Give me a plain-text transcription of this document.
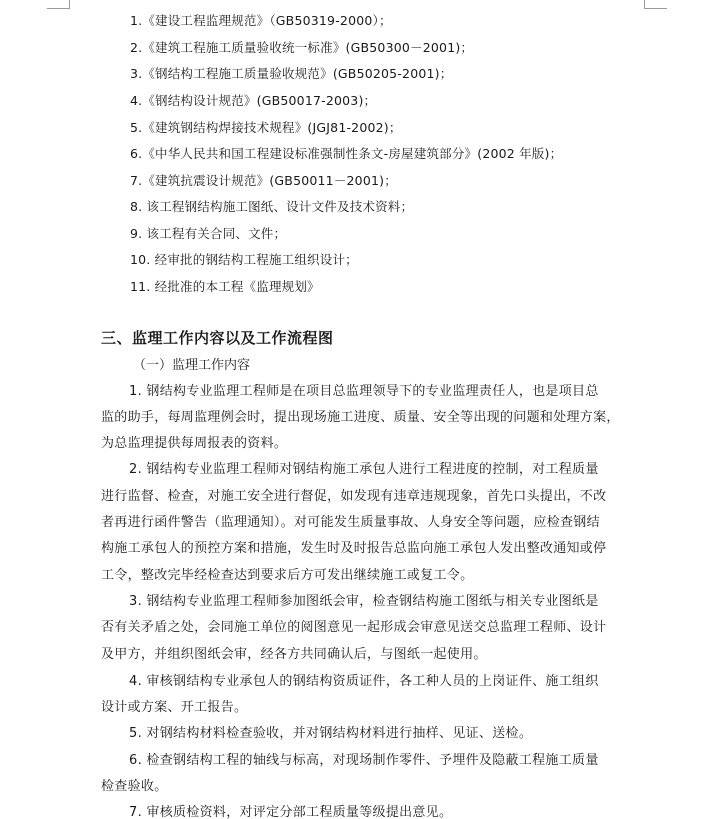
1.《建设工程监理规范》（GB50319-2000）；
2.《建筑工程施工质量验收统一标准》(GB50300－2001)；
3.《钢结构工程施工质量验收规范》(GB50205-2001)；
4.《钢结构设计规范》(GB50017-2003)；
5.《建筑钢结构焊接技术规程》(JGJ81-2002)；
6.《中华人民共和国工程建设标准强制性条文-房屋建筑部分》(2002 年版)；
7.《建筑抗震设计规范》(GB50011－2001)；
8. 该工程钢结构施工图纸、设计文件及技术资料；
9. 该工程有关合同、文件；
10. 经审批的钢结构工程施工组织设计；
11. 经批准的本工程《监理规划》
三、监理工作内容以及工作流程图
（一）监理工作内容
1. 钢结构专业监理工程师是在项目总监理领导下的专业监理责任人，也是项目总
监的助手，每周监理例会时，提出现场施工进度、质量、安全等出现的问题和处理方案，
为总监理提供每周报表的资料。
2. 钢结构专业监理工程师对钢结构施工承包人进行工程进度的控制，对工程质量
进行监督、检查，对施工安全进行督促，如发现有违章违规现象，首先口头提出，不改
者再进行函件警告（监理通知）。对可能发生质量事故、人身安全等问题，应检查钢结
构施工承包人的预控方案和措施，发生时及时报告总监向施工承包人发出整改通知或停
工令，整改完毕经检查达到要求后方可发出继续施工或复工令。
3. 钢结构专业监理工程师参加图纸会审，检查钢结构施工图纸与相关专业图纸是
否有关矛盾之处，会同施工单位的阅图意见一起形成会审意见送交总监理工程师、设计
及甲方，并组织图纸会审，经各方共同确认后，与图纸一起使用。
4. 审核钢结构专业承包人的钢结构资质证件，各工种人员的上岗证件、施工组织
设计或方案、开工报告。
5. 对钢结构材料检查验收，并对钢结构材料进行抽样、见证、送检。
6. 检查钢结构工程的轴线与标高，对现场制作零件、予埋件及隐蔽工程施工质量
检查验收。
7. 审核质检资料，对评定分部工程质量等级提出意见。
